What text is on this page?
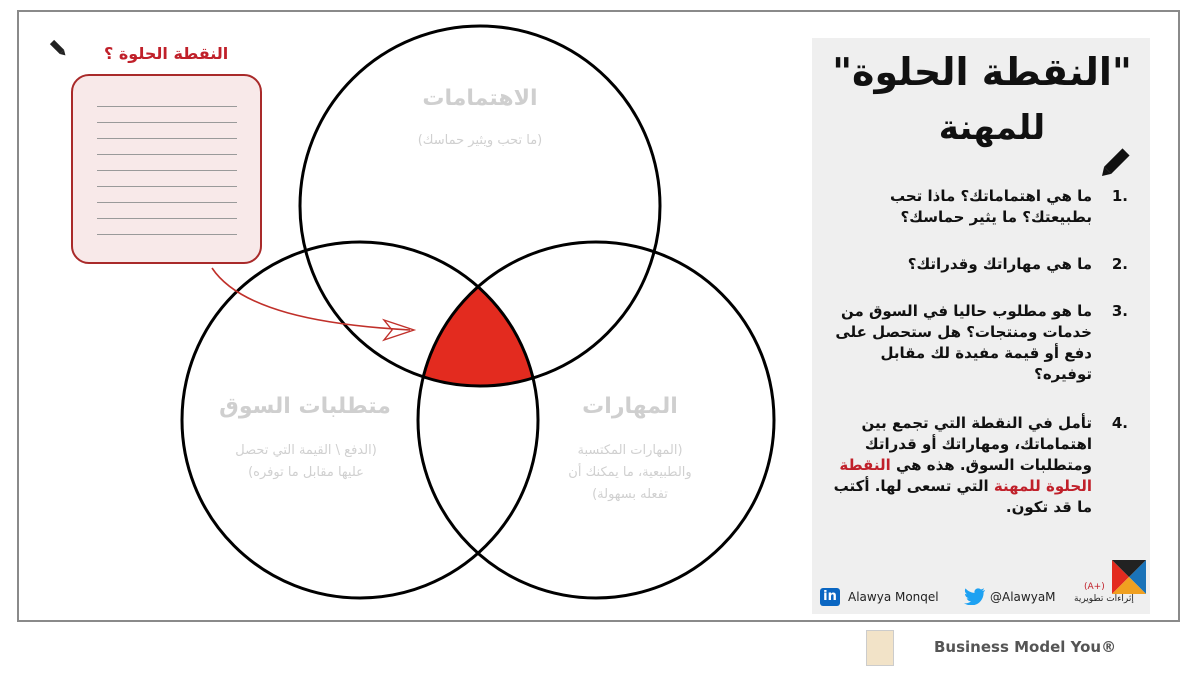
النقطة الحلوة ؟
الاهتمامات
(ما تحب ويثير حماسك)
متطلبات السوق
(الدفع \ القيمة التي تحصل
عليها مقابل ما توفره)
المهارات
(المهارات المكتسبة
والطبيعية، ما يمكنك أن
تفعله بسهولة)
"النقطة الحلوة"
للمهنة
1.
ما هي اهتماماتك؟ ماذا تحب بطبيعتك؟ ما يثير حماسك؟
2.
ما هي مهاراتك وقدراتك؟
3.
ما هو مطلوب حاليا في السوق من خدمات ومنتجات؟ هل ستحصل على دفع أو قيمة مفيدة لك مقابل توفيره؟
4.
تأمل في النقطة التي تجمع بين اهتماماتك، ومهاراتك أو قدراتك ومتطلبات السوق. هذه هي النقطة الحلوة للمهنة التي تسعى لها. أكتب ما قد تكون.
in Alawya Monqel	@AlawyaM
(A+)
إثراءات تطويرية
Business Model You®
